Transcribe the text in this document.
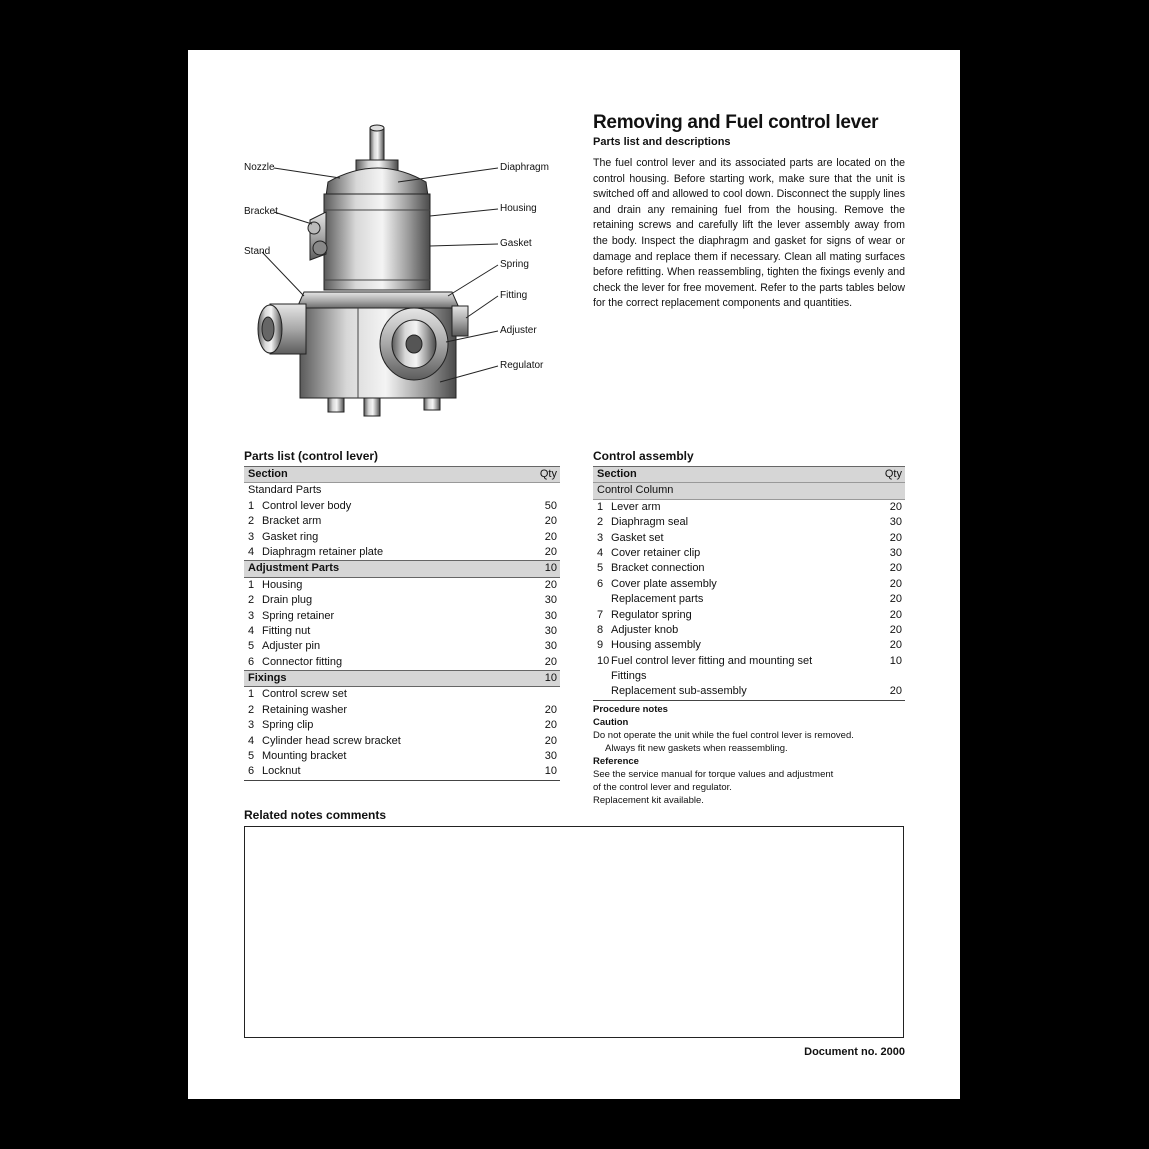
Nozzle
Bracket
Stand
Diaphragm
Housing
Gasket
Spring
Fitting
Adjuster
Regulator
Removing and Fuel control lever
Parts list and descriptions
The fuel control lever and its associated parts are located on the control housing. Before starting work, make sure that the unit is switched off and allowed to cool down. Disconnect the supply lines and drain any remaining fuel from the housing. Remove the retaining screws and carefully lift the lever assembly away from the body. Inspect the diaphragm and gasket for signs of wear or damage and replace them if necessary. Clean all mating surfaces before refitting. When reassembling, tighten the fixings evenly and check the lever for free movement. Refer to the parts tables below for the correct replacement components and quantities.
Parts list (control lever)
Section	Qty
Standard Parts
1 Control lever body	50
2 Bracket arm	20
3 Gasket ring	20
4 Diaphragm retainer plate	20
Adjustment Parts	10
1 Housing	20
2 Drain plug	30
3 Spring retainer	30
4 Fitting nut	30
5 Adjuster pin	30
6 Connector fitting	20
Fixings	10
1 Control screw set
2 Retaining washer	20
3 Spring clip	20
4 Cylinder head screw bracket	20
5 Mounting bracket	30
6 Locknut	10
Control assembly
Section	Qty
Control Column
1 Lever arm	20
2 Diaphragm seal	30
3 Gasket set	20
4 Cover retainer clip	30
5 Bracket connection	20
6 Cover plate assembly	20
Replacement parts	20
7 Regulator spring	20
8 Adjuster knob	20
9 Housing assembly	20
10 Fuel control lever fitting and mounting set	10
Fittings
Replacement sub-assembly	20
Procedure notes
Caution
Do not operate the unit while the fuel control lever is removed.
Always fit new gaskets when reassembling.
Reference
See the service manual for torque values and adjustment
of the control lever and regulator.
Replacement kit available.
Related notes comments
Document no. 2000
